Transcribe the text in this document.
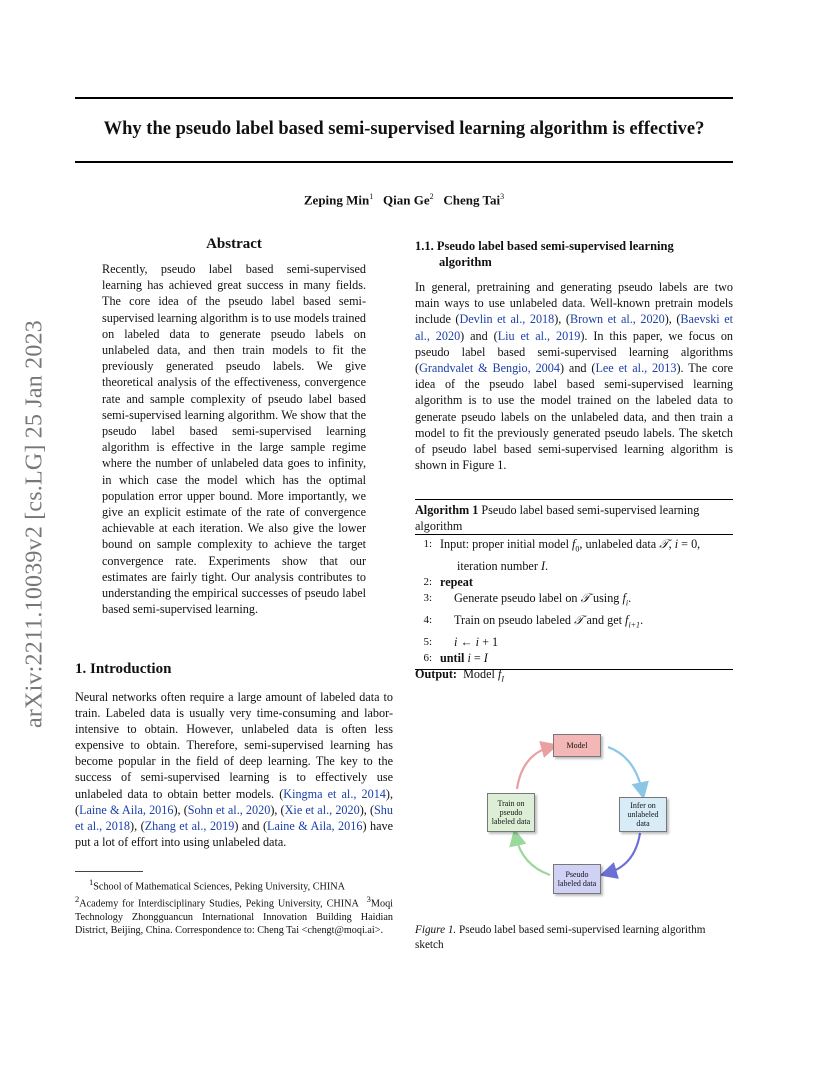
Why the pseudo label based semi-supervised learning algorithm is effective?
Zeping Min$^1$ Qian Ge$^2$ Cheng Tai$^3$
arXiv:2211.10039v2 [cs.LG] 25 Jan 2023
Abstract
Recently, pseudo label based semi-supervised learning has achieved great success in many fields. The core idea of the pseudo label based semi-supervised learning algorithm is to use models trained on labeled data to generate pseudo labels on unlabeled data, and then train models to fit the previously generated pseudo labels. We give theoretical analysis of the effectiveness, convergence rate and sample complexity of pseudo label based semi-supervised learning algorithm. We show that the pseudo label based semi-supervised learning algorithm is effective in the large sample regime where the number of unlabeled data goes to infinity, in which case the model which has the optimal population error upper bound. More importantly, we give an explicit estimate of the rate of convergence achievable at each iteration. We also give the lower bound on sample complexity to achieve the target convergence rate. Experiments show that our estimates are fairly tight. Our analysis contributes to understanding the empirical successes of pseudo label based semi-supervised learning.
1. Introduction
Neural networks often require a large amount of labeled data to train. Labeled data is usually very time-consuming and labor-intensive to obtain. However, unlabeled data is often less expensive to obtain. Therefore, semi-supervised learning has become popular in the field of deep learning. The key to the success of semi-supervised learning is to effectively use unlabeled data to obtain better models. (Kingma et al., 2014), (Laine & Aila, 2016), (Sohn et al., 2020), (Xie et al., 2020), (Shu et al., 2018), (Zhang et al., 2019) and (Laine & Aila, 2016) have put a lot of effort into using unlabeled data.

$^1$School of Mathematical Sciences, Peking University, CHINA

$^2$Academy for Interdisciplinary Studies, Peking University, CHINA $^3$Moqi Technology Zhongguancun International Innovation Building Haidian District, Beijing, China. Correspondence to: Cheng Tai <chengt@moqi.ai>.

1.1. Pseudo label based semi-supervised learning
algorithm
In general, pretraining and generating pseudo labels are two main ways to use unlabeled data. Well-known pretrain models include (Devlin et al., 2018), (Brown et al., 2020), (Baevski et al., 2020) and (Liu et al., 2019). In this paper, we focus on pseudo label based semi-supervised learning algorithms (Grandvalet & Bengio, 2004) and (Lee et al., 2013). The core idea of the pseudo label based semi-supervised learning algorithm is to use the model trained on the labeled data to generate pseudo labels on the unlabeled data, and then train a model to fit the previously generated pseudo labels. The sketch of pseudo label based semi-supervised learning algorithm is shown in Figure 1.
Algorithm 1 Pseudo label based semi-supervised learning algorithm
1: Input: proper initial model $f_0$, unlabeled data 𝒯, i = 0,
iteration number I.
2: repeat
3:	Generate pseudo label on 𝒯 using $f_i$.
4:	Train on pseudo labeled 𝒯 and get $f_{i+1}$.
5:	i ← i + 1
6: until i = I
Output: Model $f_I$
Model
Train on pseudo labeled data
Infer on unlabeled data
Pseudo labeled data
Figure 1. Pseudo label based semi-supervised learning algorithm sketch
